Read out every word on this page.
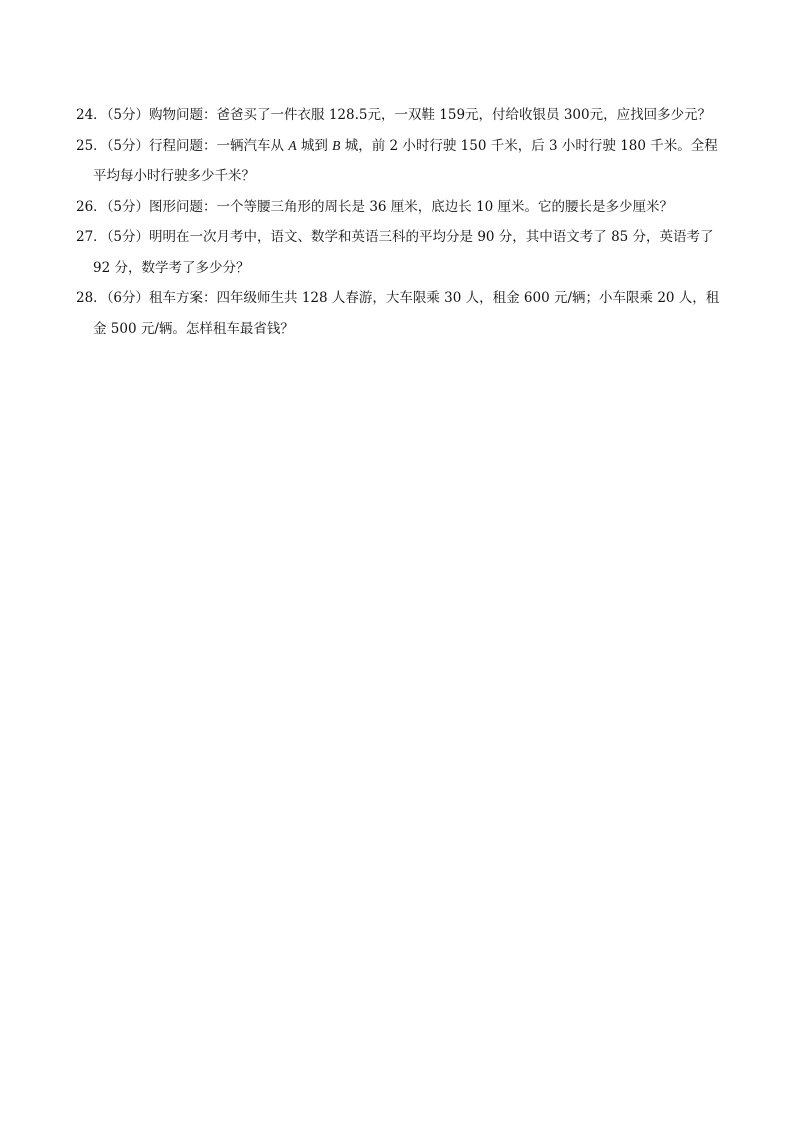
24．（5分）购物问题：爸爸买了一件衣服 128.5元，一双鞋 159元，付给收银员 300元，应找回多少元？
25．（5分）行程问题：一辆汽车从 A 城到 B 城，前 2 小时行驶 150 千米，后 3 小时行驶 180 千米。全程
平均每小时行驶多少千米？
26．（5分）图形问题：一个等腰三角形的周长是 36 厘米，底边长 10 厘米。它的腰长是多少厘米？
27．（5分）明明在一次月考中，语文、数学和英语三科的平均分是 90 分，其中语文考了 85 分，英语考了
92 分，数学考了多少分？
28．（6分）租车方案：四年级师生共 128 人春游，大车限乘 30 人，租金 600 元/辆；小车限乘 20 人，租
金 500 元/辆。怎样租车最省钱？
